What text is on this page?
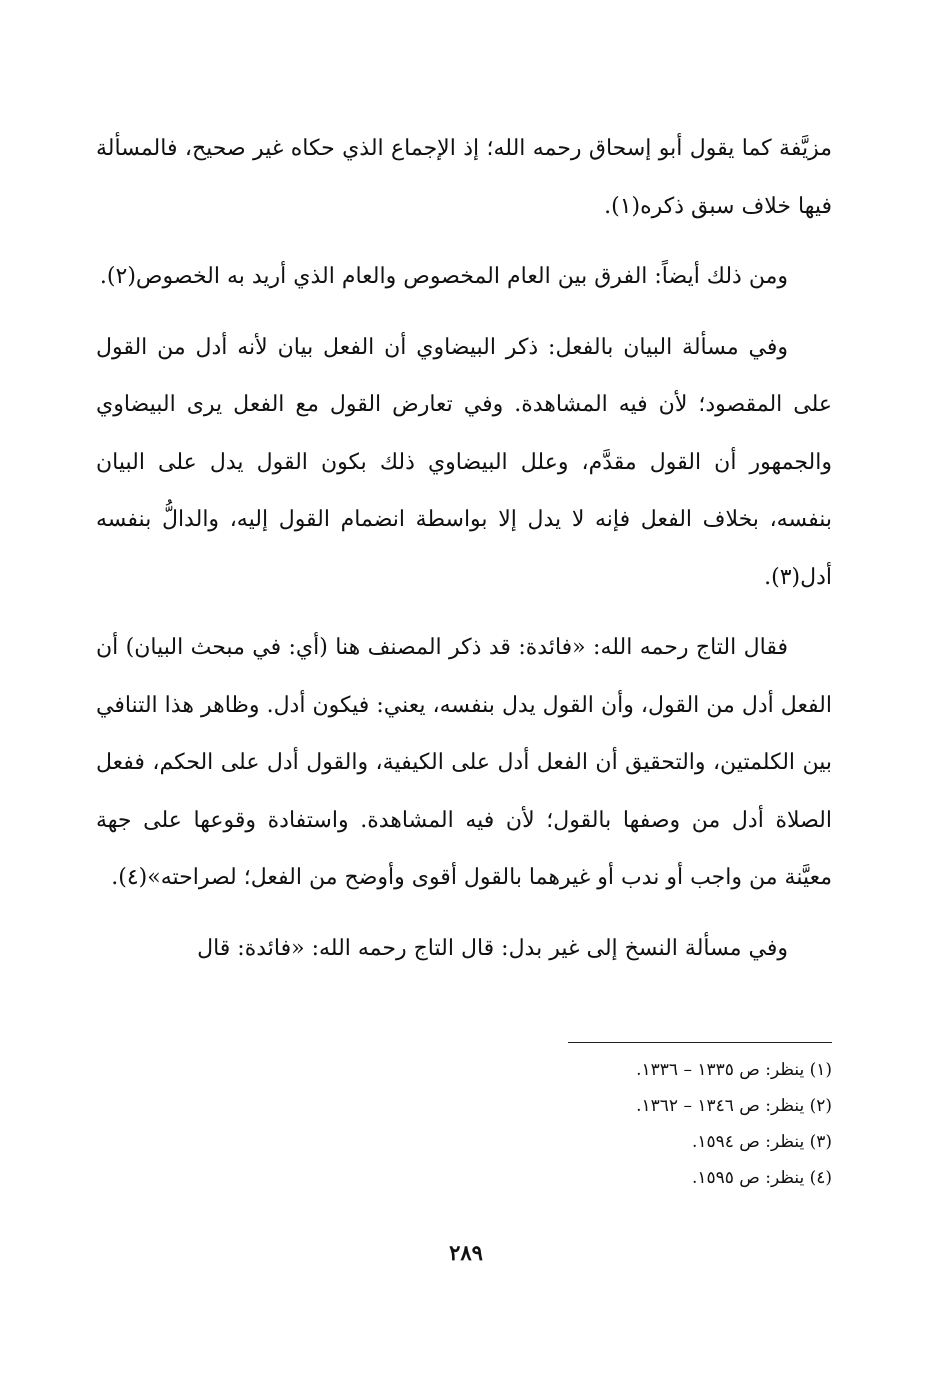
مزيَّفة كما يقول أبو إسحاق رحمه الله؛ إذ الإجماع الذي حكاه غير صحيح، فالمسألة فيها خلاف سبق ذكره(١).

ومن ذلك أيضاً: الفرق بين العام المخصوص والعام الذي أريد به الخصوص(٢).

وفي مسألة البيان بالفعل: ذكر البيضاوي أن الفعل بيان لأنه أدل من القول على المقصود؛ لأن فيه المشاهدة. وفي تعارض القول مع الفعل يرى البيضاوي والجمهور أن القول مقدَّم، وعلل البيضاوي ذلك بكون القول يدل على البيان بنفسه، بخلاف الفعل فإنه لا يدل إلا بواسطة انضمام القول إليه، والدالُّ بنفسه أدل(٣).

فقال التاج رحمه الله: «فائدة: قد ذكر المصنف هنا (أي: في مبحث البيان) أن الفعل أدل من القول، وأن القول يدل بنفسه، يعني: فيكون أدل. وظاهر هذا التنافي بين الكلمتين، والتحقيق أن الفعل أدل على الكيفية، والقول أدل على الحكم، ففعل الصلاة أدل من وصفها بالقول؛ لأن فيه المشاهدة. واستفادة وقوعها على جهة معيَّنة من واجب أو ندب أو غيرهما بالقول أقوى وأوضح من الفعل؛ لصراحته»(٤).

وفي مسألة النسخ إلى غير بدل: قال التاج رحمه الله: «فائدة: قال

(١) ينظر: ص ١٣٣٥ – ١٣٣٦.
(٢) ينظر: ص ١٣٤٦ – ١٣٦٢.
(٣) ينظر: ص ١٥٩٤.
(٤) ينظر: ص ١٥٩٥.
٢٨٩
